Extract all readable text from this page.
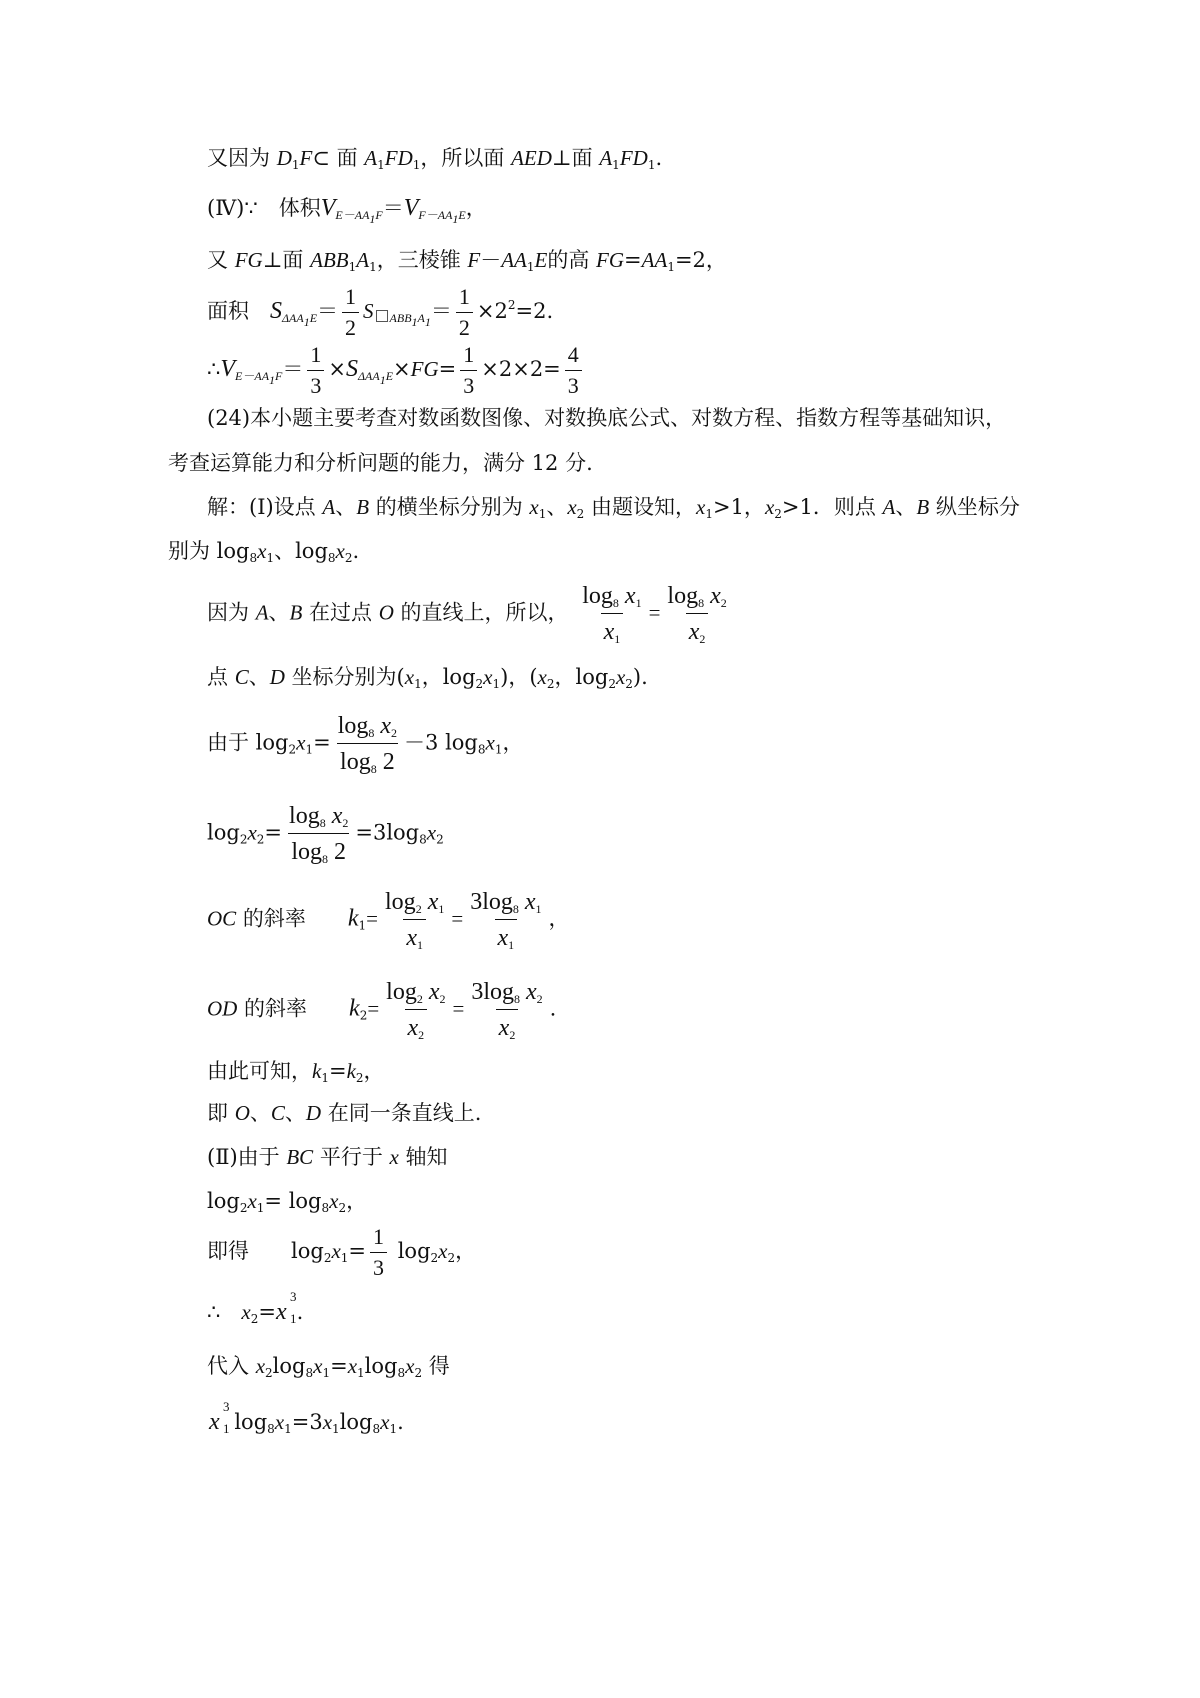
又因为 $D_1F\subset$ 面 $A_1FD_1$，所以面 AED⊥面 $A_1FD_1$.
(Ⅳ)∵　体积$V_{E-AA_1F}=V_{F-AA_1E}$，
又 FG⊥面 $ABB_1A_1$，三棱锥 $F-AA_1E$的高 $FG=AA_1=2$，
面积　$S_{\Delta AA_1E}= \frac{1}{2}$ S $_{ABB_1A_1}= \frac{1}{2} \times 2^2=2$.
$\therefore V_{E-AA_1F}= \frac{1}{3} \times S_{\Delta AA_1E}\times FG= \frac{1}{3} \times 2\times 2= \frac{4}{3}$
(24)本小题主要考查对数函数图像、对数换底公式、对数方程、指数方程等基础知识，
考查运算能力和分析问题的能力，满分 12 分.
解：(Ⅰ)设点 A、B 的横坐标分别为 $x_1$、$x_2$ 由题设知，$x_1>1$，$x_2>1$．则点 A、B 纵坐标分
别为 $\log_8x_1$、$\log_8x_2$.
因为 A、B 在过点 O 的直线上，所以， $\frac{\log_8 x_1}{x_1} = \frac{\log_8 x_2}{x_2}$
点 C、D 坐标分别为($x_1$，$\log_2x_1$)，($x_2$，$\log_2x_2$).
由于 $\log_2x_1= \frac{\log_8 x_2}{\log_8 2} -3$ $\log_8x_1$，
$\log_2x_2= \frac{\log_8 x_2}{\log_8 2} =3\log_8x_2$
OC 的斜率 $k_1= \frac{\log_2 x_1}{x_1} = \frac{3\log_8 x_1}{x_1}$ ，
OD 的斜率 $k_2= \frac{\log_2 x_2}{x_2} = \frac{3\log_8 x_2}{x_2}$ .
由此可知，$k_1=k_2$，
即 O、C、D 在同一条直线上.
(Ⅱ)由于 BC 平行于 x 轴知
$\log_2x_1= \log_8x_2$，
即得　　$\log_2x_1= \frac{1}{3} \log_2x_2$，
∴　$x_2=x$
3
1 .
代入 $x_2\log_8x_1=x_1\log_8x_2$ 得
x
3
1
$\log_8x_1=3x_1\log_8x_1$.
